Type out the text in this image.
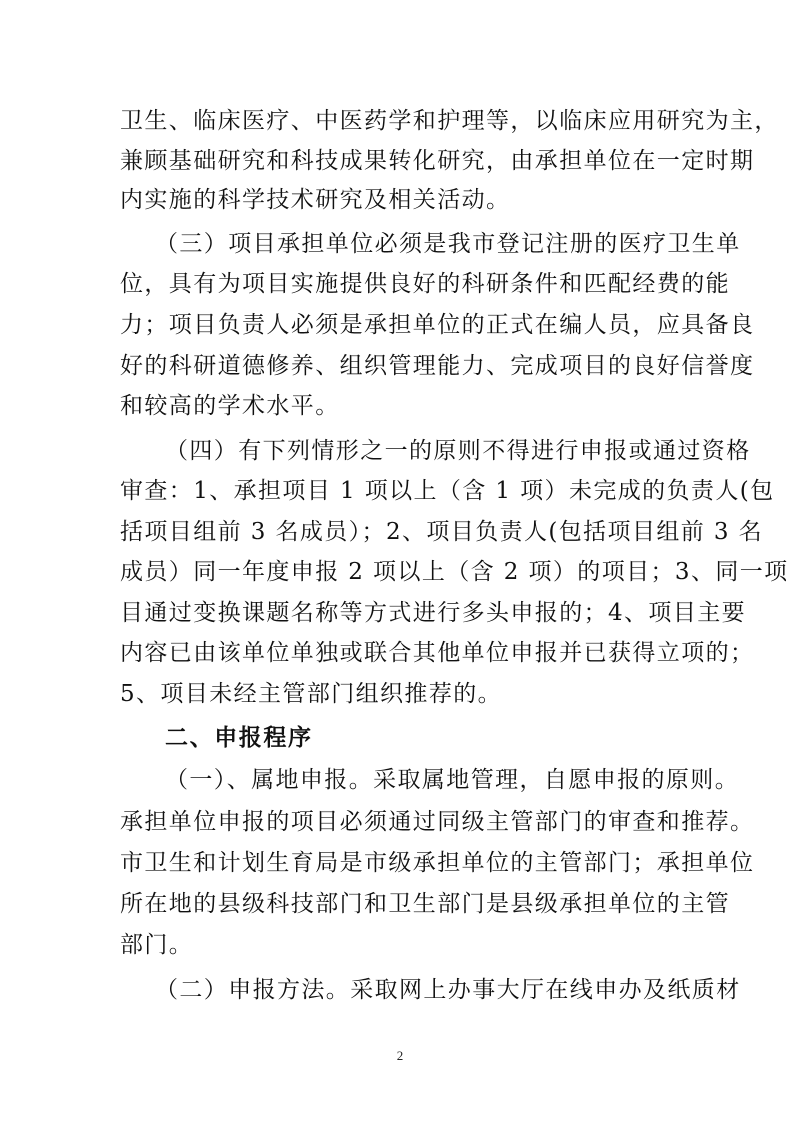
卫生、临床医疗、中医药学和护理等，以临床应用研究为主，
兼顾基础研究和科技成果转化研究，由承担单位在一定时期
内实施的科学技术研究及相关活动。
（三）项目承担单位必须是我市登记注册的医疗卫生单
位，具有为项目实施提供良好的科研条件和匹配经费的能
力；项目负责人必须是承担单位的正式在编人员，应具备良
好的科研道德修养、组织管理能力、完成项目的良好信誉度
和较高的学术水平。
（四）有下列情形之一的原则不得进行申报或通过资格
审查：1、承担项目 1 项以上（含 1 项）未完成的负责人(包
括项目组前 3 名成员）；2、项目负责人(包括项目组前 3 名
成员）同一年度申报 2 项以上（含 2 项）的项目；3、同一项
目通过变换课题名称等方式进行多头申报的；4、项目主要
内容已由该单位单独或联合其他单位申报并已获得立项的；
5、项目未经主管部门组织推荐的。
二、申报程序
（一）、属地申报。采取属地管理，自愿申报的原则。
承担单位申报的项目必须通过同级主管部门的审查和推荐。
市卫生和计划生育局是市级承担单位的主管部门；承担单位
所在地的县级科技部门和卫生部门是县级承担单位的主管
部门。
（二）申报方法。采取网上办事大厅在线申办及纸质材
2
